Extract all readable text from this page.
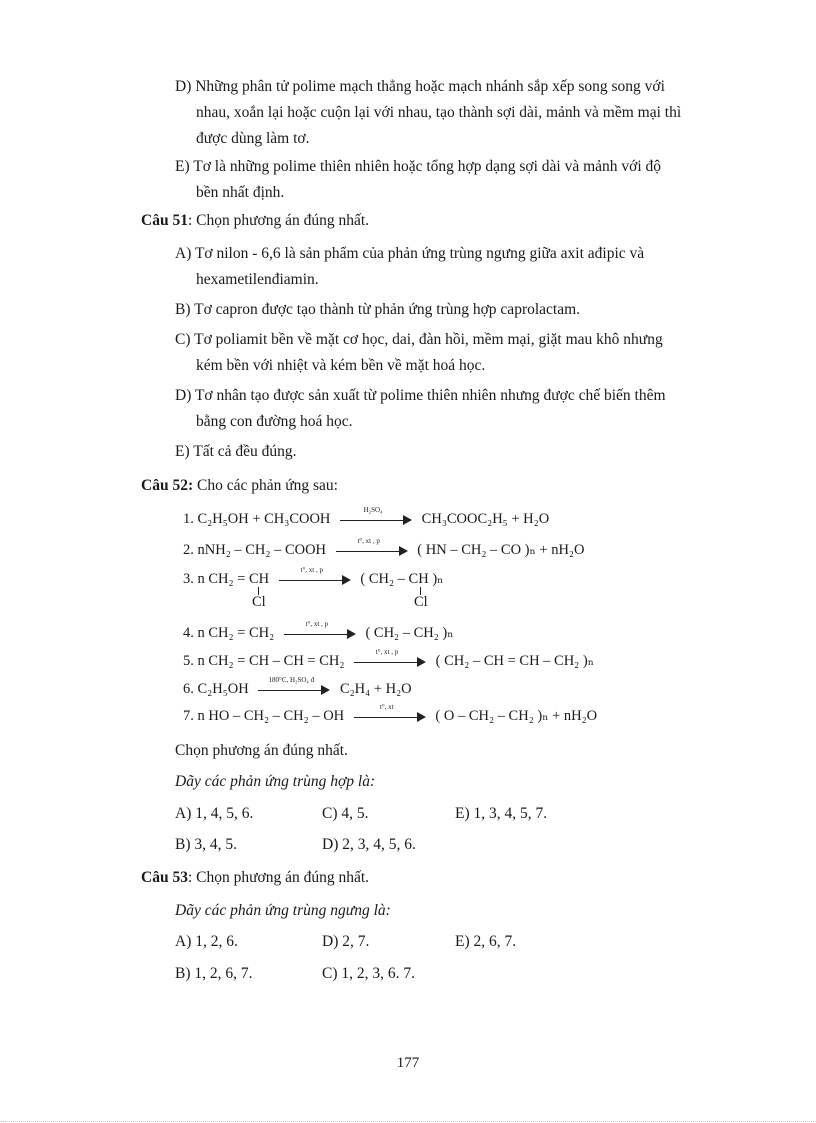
D) Những phân tử polime mạch thẳng hoặc mạch nhánh sắp xếp song song với
nhau, xoắn lại hoặc cuộn lại với nhau, tạo thành sợi dài, mảnh và mềm mại thì
được dùng làm tơ.
E) Tơ là những polime thiên nhiên hoặc tổng hợp dạng sợi dài và mảnh với độ
bền nhất định.
Câu 51: Chọn phương án đúng nhất.
A) Tơ nilon - 6,6 là sản phẩm của phản ứng trùng ngưng giữa axit ađipic và
hexametilenđiamin.
B) Tơ capron được tạo thành từ phản ứng trùng hợp caprolactam.
C) Tơ poliamit bền về mặt cơ học, dai, đàn hồi, mềm mại, giặt mau khô nhưng
kém bền với nhiệt và kém bền về mặt hoá học.
D) Tơ nhân tạo được sản xuất từ polime thiên nhiên nhưng được chế biến thêm
bằng con đường hoá học.
E) Tất cả đều đúng.
Câu 52: Cho các phản ứng sau:
1. C₂H₅OH + CH₃COOH
H₂SO₄
CH₃COOC₂H₅ + H₂O
2. nNH₂ – CH₂ – COOH
t°, xt , p
( HN – CH₂ – CO )ₙ + nH₂O
3. n CH₂ = CH
t°, xt , p
( CH₂ – CH )ₙ
Cl	Cl
4. n CH₂ = CH₂
t°, xt , p
( CH₂ – CH₂ )ₙ
5. n CH₂ = CH – CH = CH₂
t°, xt , p
( CH₂ – CH = CH – CH₂ )ₙ
6. C₂H₅OH
180°C, H₂SO₄ đ
C₂H₄ + H₂O
7. n HO – CH₂ – CH₂ – OH
t°, xt
( O – CH₂ – CH₂ )ₙ + nH₂O
Chọn phương án đúng nhất.
Dãy các phản ứng trùng hợp là:
A) 1, 4, 5, 6.	C) 4, 5.	E) 1, 3, 4, 5, 7.
B) 3, 4, 5.	D) 2, 3, 4, 5, 6.
Câu 53: Chọn phương án đúng nhất.
Dãy các phản ứng trùng ngưng là:
A) 1, 2, 6.	D) 2, 7.	E) 2, 6, 7.
B) 1, 2, 6, 7.	C) 1, 2, 3, 6. 7.
177
